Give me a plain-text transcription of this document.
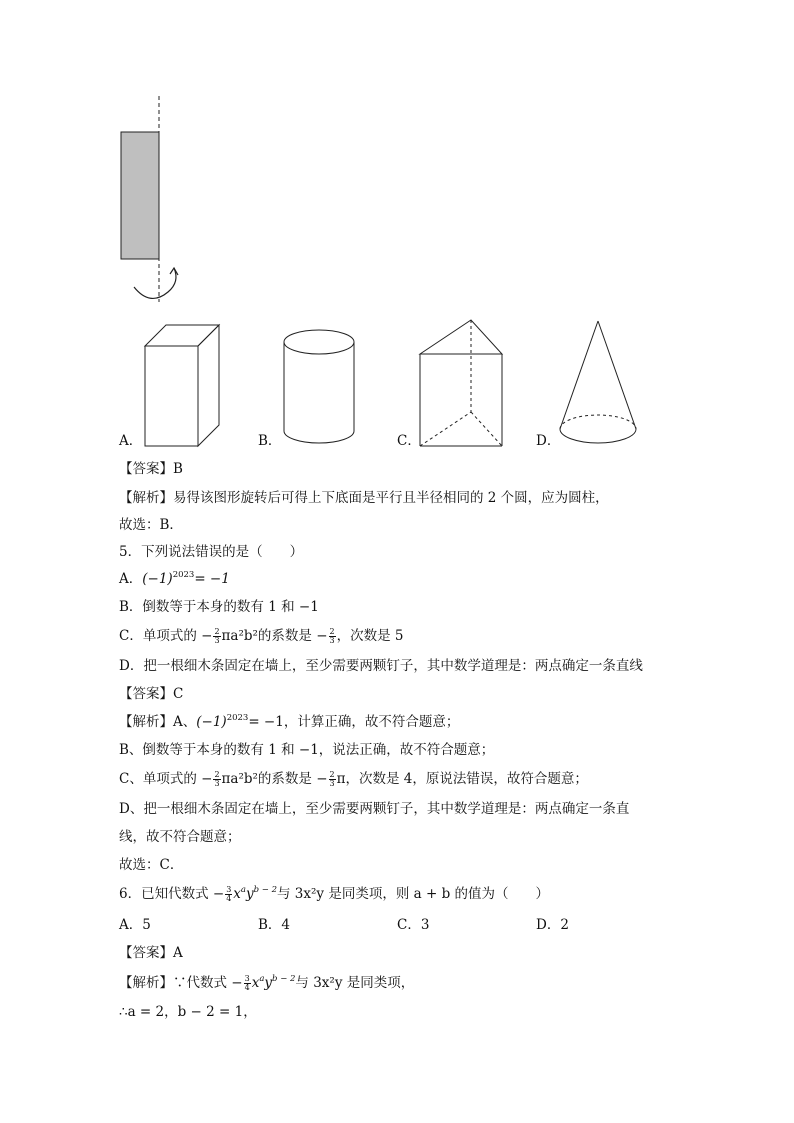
A．	B．	C．	D．
【答案】B
【解析】易得该图形旋转后可得上下底面是平行且半径相同的 2 个圆，应为圆柱，
故选：B．
5．下列说法错误的是（　　）
A．$(-1)^{2023}= -1$
B．倒数等于本身的数有 1 和 −1
C．单项式的 − $\frac{2}{3} \pi a^2b^2$的系数是 − $\frac{2}{3}$ ，次数是 5
D．把一根细木条固定在墙上，至少需要两颗钉子，其中数学道理是：两点确定一条直线
【答案】C
【解析】A、$(-1)^{2023}= -1$，计算正确，故不符合题意；
B、倒数等于本身的数有 1 和 −1，说法正确，故不符合题意；
C、单项式的 − $\frac{2}{3} \pi a^2b^2$的系数是 − $\frac{2}{3}$ π，次数是 4，原说法错误，故符合题意；
D、把一根细木条固定在墙上，至少需要两颗钉子，其中数学道理是：两点确定一条直
线，故不符合题意；
故选：C．
6．已知代数式 − $\frac{3}{4} x^ay^{b - 2}$与 3x²y 是同类项，则 a + b 的值为（　　）
A．5	B．4	C．3	D．2
【答案】A
【解析】∵代数式 − $\frac{3}{4} x^ay^{b - 2}$与 3x²y 是同类项，
∴a = 2，b − 2 = 1，
